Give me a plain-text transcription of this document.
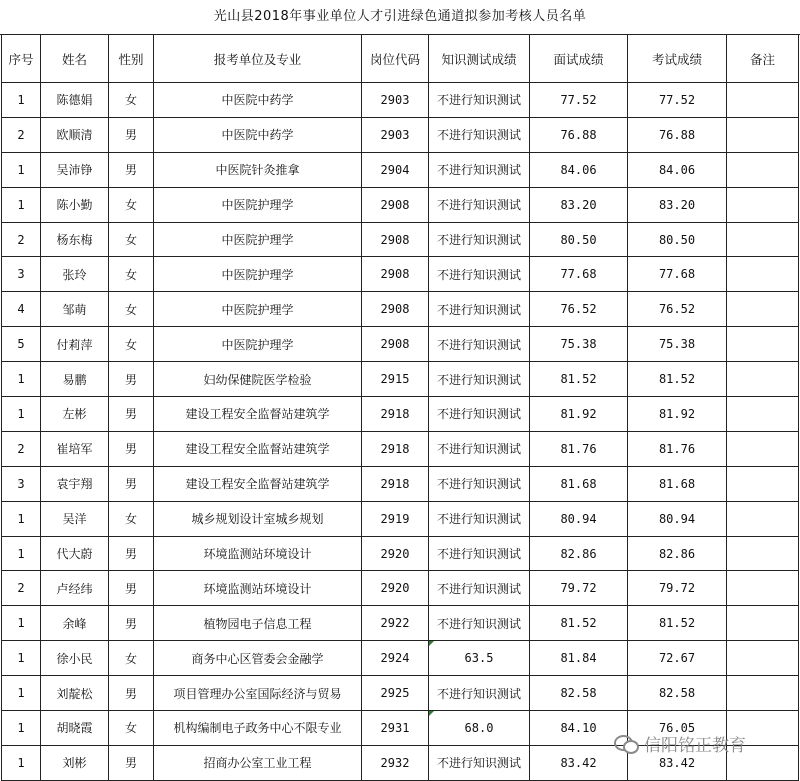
光山县2018年事业单位人才引进绿色通道拟参加考核人员名单
序号	姓名	性别	报考单位及专业	岗位代码	知识测试成绩	面试成绩	考试成绩	备注
1	陈德娟	女	中医院中药学	2903	不进行知识测试	77.52	77.52	
2	欧顺清	男	中医院中药学	2903	不进行知识测试	76.88	76.88	
1	吴沛铮	男	中医院针灸推拿	2904	不进行知识测试	84.06	84.06	
1	陈小勤	女	中医院护理学	2908	不进行知识测试	83.20	83.20	
2	杨东梅	女	中医院护理学	2908	不进行知识测试	80.50	80.50	
3	张玲	女	中医院护理学	2908	不进行知识测试	77.68	77.68	
4	邹萌	女	中医院护理学	2908	不进行知识测试	76.52	76.52	
5	付莉萍	女	中医院护理学	2908	不进行知识测试	75.38	75.38	
1	易鹏	男	妇幼保健院医学检验	2915	不进行知识测试	81.52	81.52	
1	左彬	男	建设工程安全监督站建筑学	2918	不进行知识测试	81.92	81.92	
2	崔培军	男	建设工程安全监督站建筑学	2918	不进行知识测试	81.76	81.76	
3	袁宇翔	男	建设工程安全监督站建筑学	2918	不进行知识测试	81.68	81.68	
1	吴洋	女	城乡规划设计室城乡规划	2919	不进行知识测试	80.94	80.94	
1	代大蔚	男	环境监测站环境设计	2920	不进行知识测试	82.86	82.86	
2	卢经纬	男	环境监测站环境设计	2920	不进行知识测试	79.72	79.72	
1	余峰	男	植物园电子信息工程	2922	不进行知识测试	81.52	81.52	
1	徐小民	女	商务中心区管委会金融学	2924	63.5	81.84	72.67	
1	刘靛松	男	项目管理办公室国际经济与贸易	2925	不进行知识测试	82.58	82.58	
1	胡晓霞	女	机构编制电子政务中心不限专业	2931	68.0	84.10	76.05	
1	刘彬	男	招商办公室工业工程	2932	不进行知识测试	83.42	83.42	
信阳铭正教育
